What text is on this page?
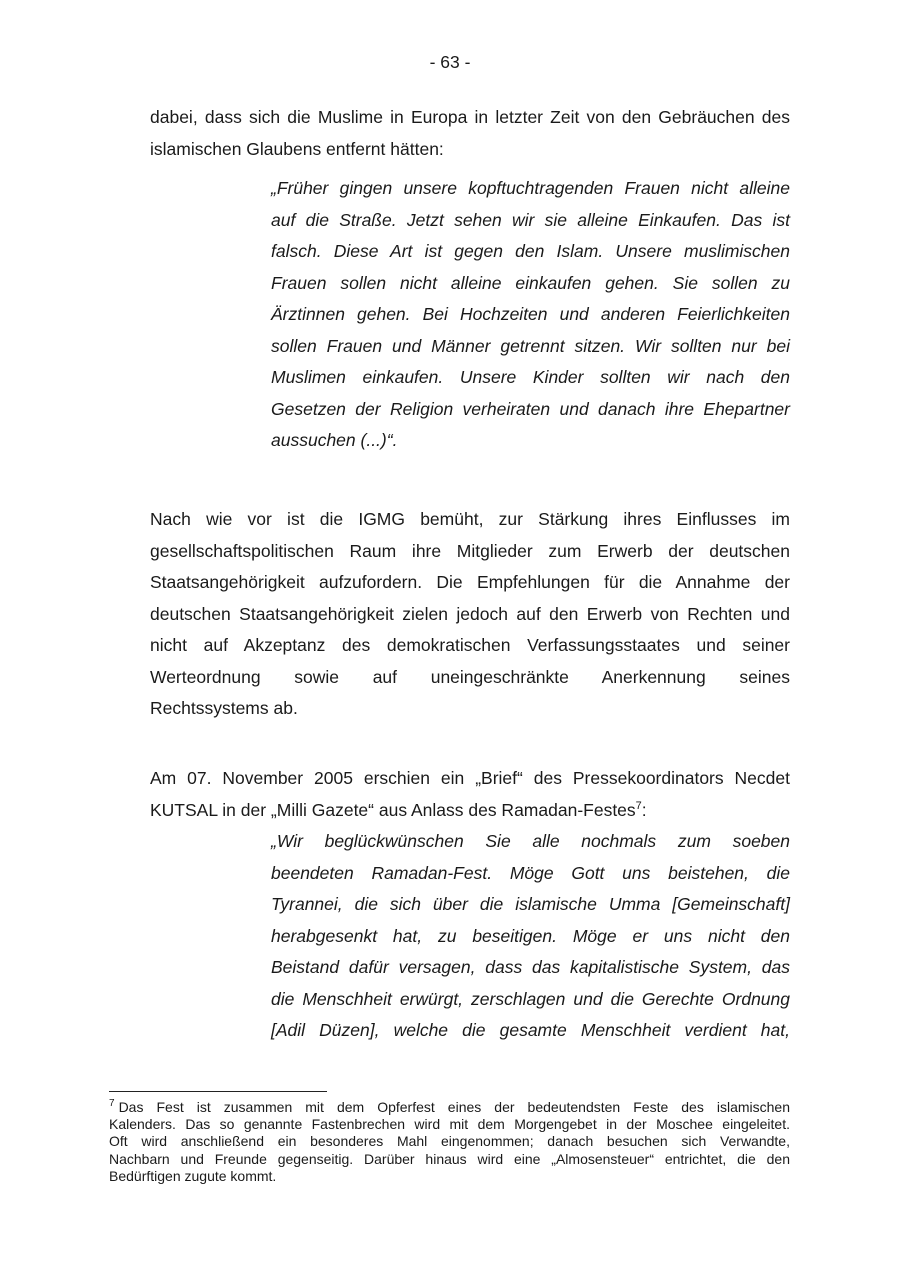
- 63 -

dabei, dass sich die Muslime in Europa in letzter Zeit von den Gebräuchen des
islamischen Glaubens entfernt hätten:

„Früher gingen unsere kopftuchtragenden Frauen nicht alleine
auf die Straße. Jetzt sehen wir sie alleine Einkaufen. Das ist
falsch. Diese Art ist gegen den Islam. Unsere muslimischen
Frauen sollen nicht alleine einkaufen gehen. Sie sollen zu
Ärztinnen gehen. Bei Hochzeiten und anderen Feierlichkeiten
sollen Frauen und Männer getrennt sitzen. Wir sollten nur bei
Muslimen einkaufen. Unsere Kinder sollten wir nach den
Gesetzen der Religion verheiraten und danach ihre Ehepartner
aussuchen (...)“.

Nach wie vor ist die IGMG bemüht, zur Stärkung ihres Einflusses im
gesellschaftspolitischen Raum ihre Mitglieder zum Erwerb der deutschen
Staatsangehörigkeit aufzufordern. Die Empfehlungen für die Annahme der
deutschen Staatsangehörigkeit zielen jedoch auf den Erwerb von Rechten und
nicht auf Akzeptanz des demokratischen Verfassungsstaates und seiner
Werteordnung sowie auf uneingeschränkte Anerkennung seines
Rechtssystems ab.

Am 07. November 2005 erschien ein „Brief“ des Pressekoordinators Necdet
KUTSAL in der „Milli Gazete“ aus Anlass des Ramadan-Festes$^7$:

„Wir beglückwünschen Sie alle nochmals zum soeben
beendeten Ramadan-Fest. Möge Gott uns beistehen, die
Tyrannei, die sich über die islamische Umma [Gemeinschaft]
herabgesenkt hat, zu beseitigen. Möge er uns nicht den
Beistand dafür versagen, dass das kapitalistische System, das
die Menschheit erwürgt, zerschlagen und die Gerechte Ordnung
[Adil Düzen], welche die gesamte Menschheit verdient hat,

$^7$ Das Fest ist zusammen mit dem Opferfest eines der bedeutendsten Feste des islamischen
Kalenders. Das so genannte Fastenbrechen wird mit dem Morgengebet in der Moschee eingeleitet.
Oft wird anschließend ein besonderes Mahl eingenommen; danach besuchen sich Verwandte,
Nachbarn und Freunde gegenseitig. Darüber hinaus wird eine „Almosensteuer“ entrichtet, die den
Bedürftigen zugute kommt.
